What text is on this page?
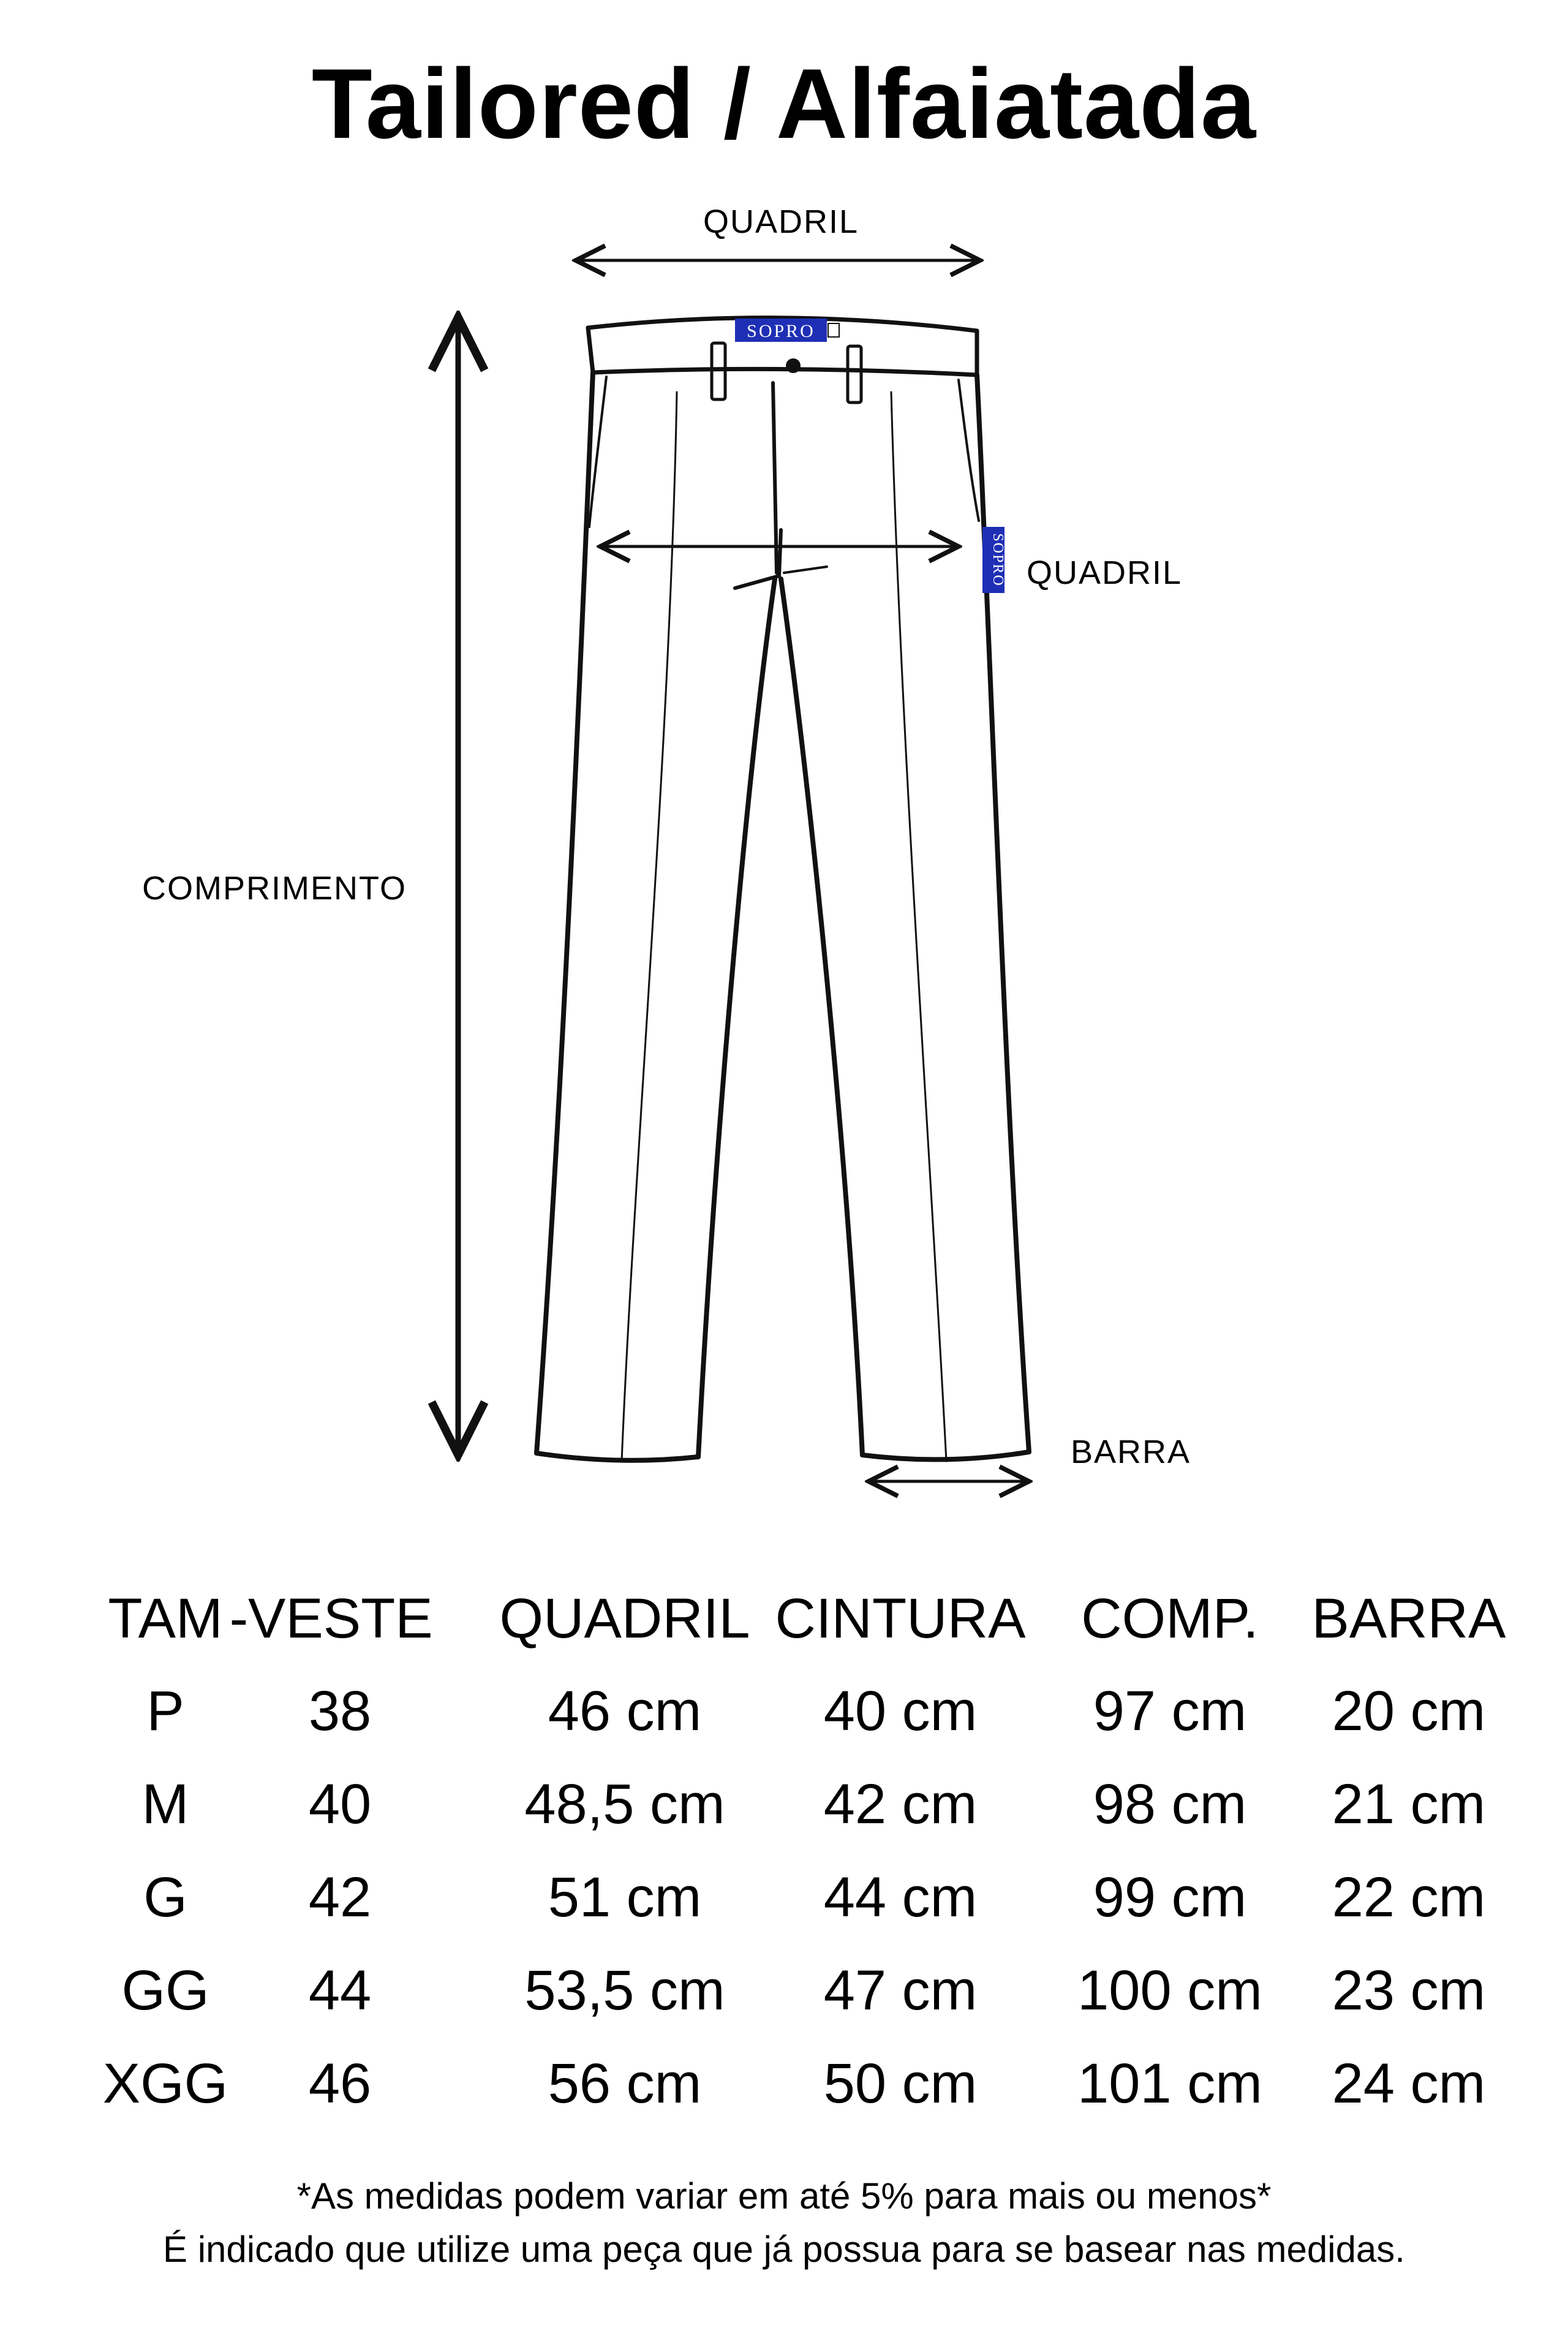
Tailored / Alfaiatada
SOPRO
SOPRO
QUADRIL
QUADRIL
COMPRIMENTO
BARRA
TAM - VESTE QUADRIL CINTURA COMP. BARRA
P	38	46 cm	40 cm	97 cm	20 cm
M	40	48,5 cm	42 cm	98 cm	21 cm
G	42	51 cm	44 cm	99 cm	22 cm
GG	44	53,5 cm	47 cm	100 cm	23 cm
XGG	46	56 cm	50 cm	101 cm	24 cm
*As medidas podem variar em até 5% para mais ou menos*
É indicado que utilize uma peça que já possua para se basear nas medidas.
